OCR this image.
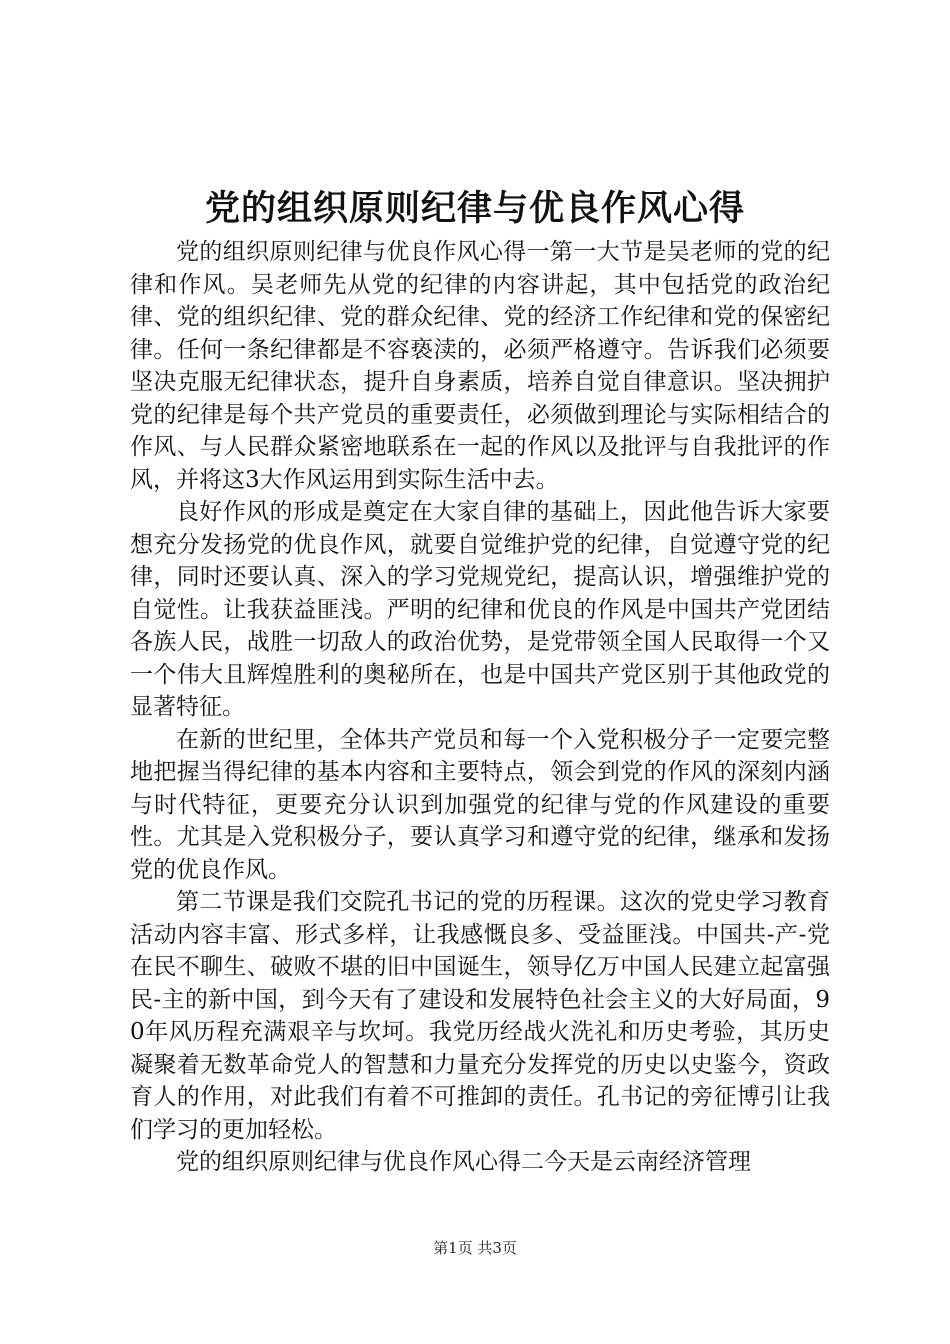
党的组织原则纪律与优良作风心得

党的组织原则纪律与优良作风心得一第一大节是吴老师的党的纪律和作风。吴老师先从党的纪律的内容讲起，其中包括党的政治纪律、党的组织纪律、党的群众纪律、党的经济工作纪律和党的保密纪律。任何一条纪律都是不容亵渎的，必须严格遵守。告诉我们必须要坚决克服无纪律状态，提升自身素质，培养自觉自律意识。坚决拥护党的纪律是每个共产党员的重要责任，必须做到理论与实际相结合的作风、与人民群众紧密地联系在一起的作风以及批评与自我批评的作风，并将这3大作风运用到实际生活中去。

良好作风的形成是奠定在大家自律的基础上，因此他告诉大家要想充分发扬党的优良作风，就要自觉维护党的纪律，自觉遵守党的纪律，同时还要认真、深入的学习党规党纪，提高认识，增强维护党的自觉性。让我获益匪浅。严明的纪律和优良的作风是中国共产党团结各族人民，战胜一切敌人的政治优势，是党带领全国人民取得一个又一个伟大且辉煌胜利的奥秘所在，也是中国共产党区别于其他政党的显著特征。

在新的世纪里，全体共产党员和每一个入党积极分子一定要完整地把握当得纪律的基本内容和主要特点，领会到党的作风的深刻内涵与时代特征，更要充分认识到加强党的纪律与党的作风建设的重要性。尤其是入党积极分子，要认真学习和遵守党的纪律，继承和发扬党的优良作风。

第二节课是我们交院孔书记的党的历程课。这次的党史学习教育活动内容丰富、形式多样，让我感慨良多、受益匪浅。中国共-产-党在民不聊生、破败不堪的旧中国诞生，领导亿万中国人民建立起富强民-主的新中国，到今天有了建设和发展特色社会主义的大好局面，90年风历程充满艰辛与坎坷。我党历经战火洗礼和历史考验，其历史凝聚着无数革命党人的智慧和力量充分发挥党的历史以史鉴今，资政育人的作用，对此我们有着不可推卸的责任。孔书记的旁征博引让我们学习的更加轻松。

党的组织原则纪律与优良作风心得二今天是云南经济管理

第1页 共3页
